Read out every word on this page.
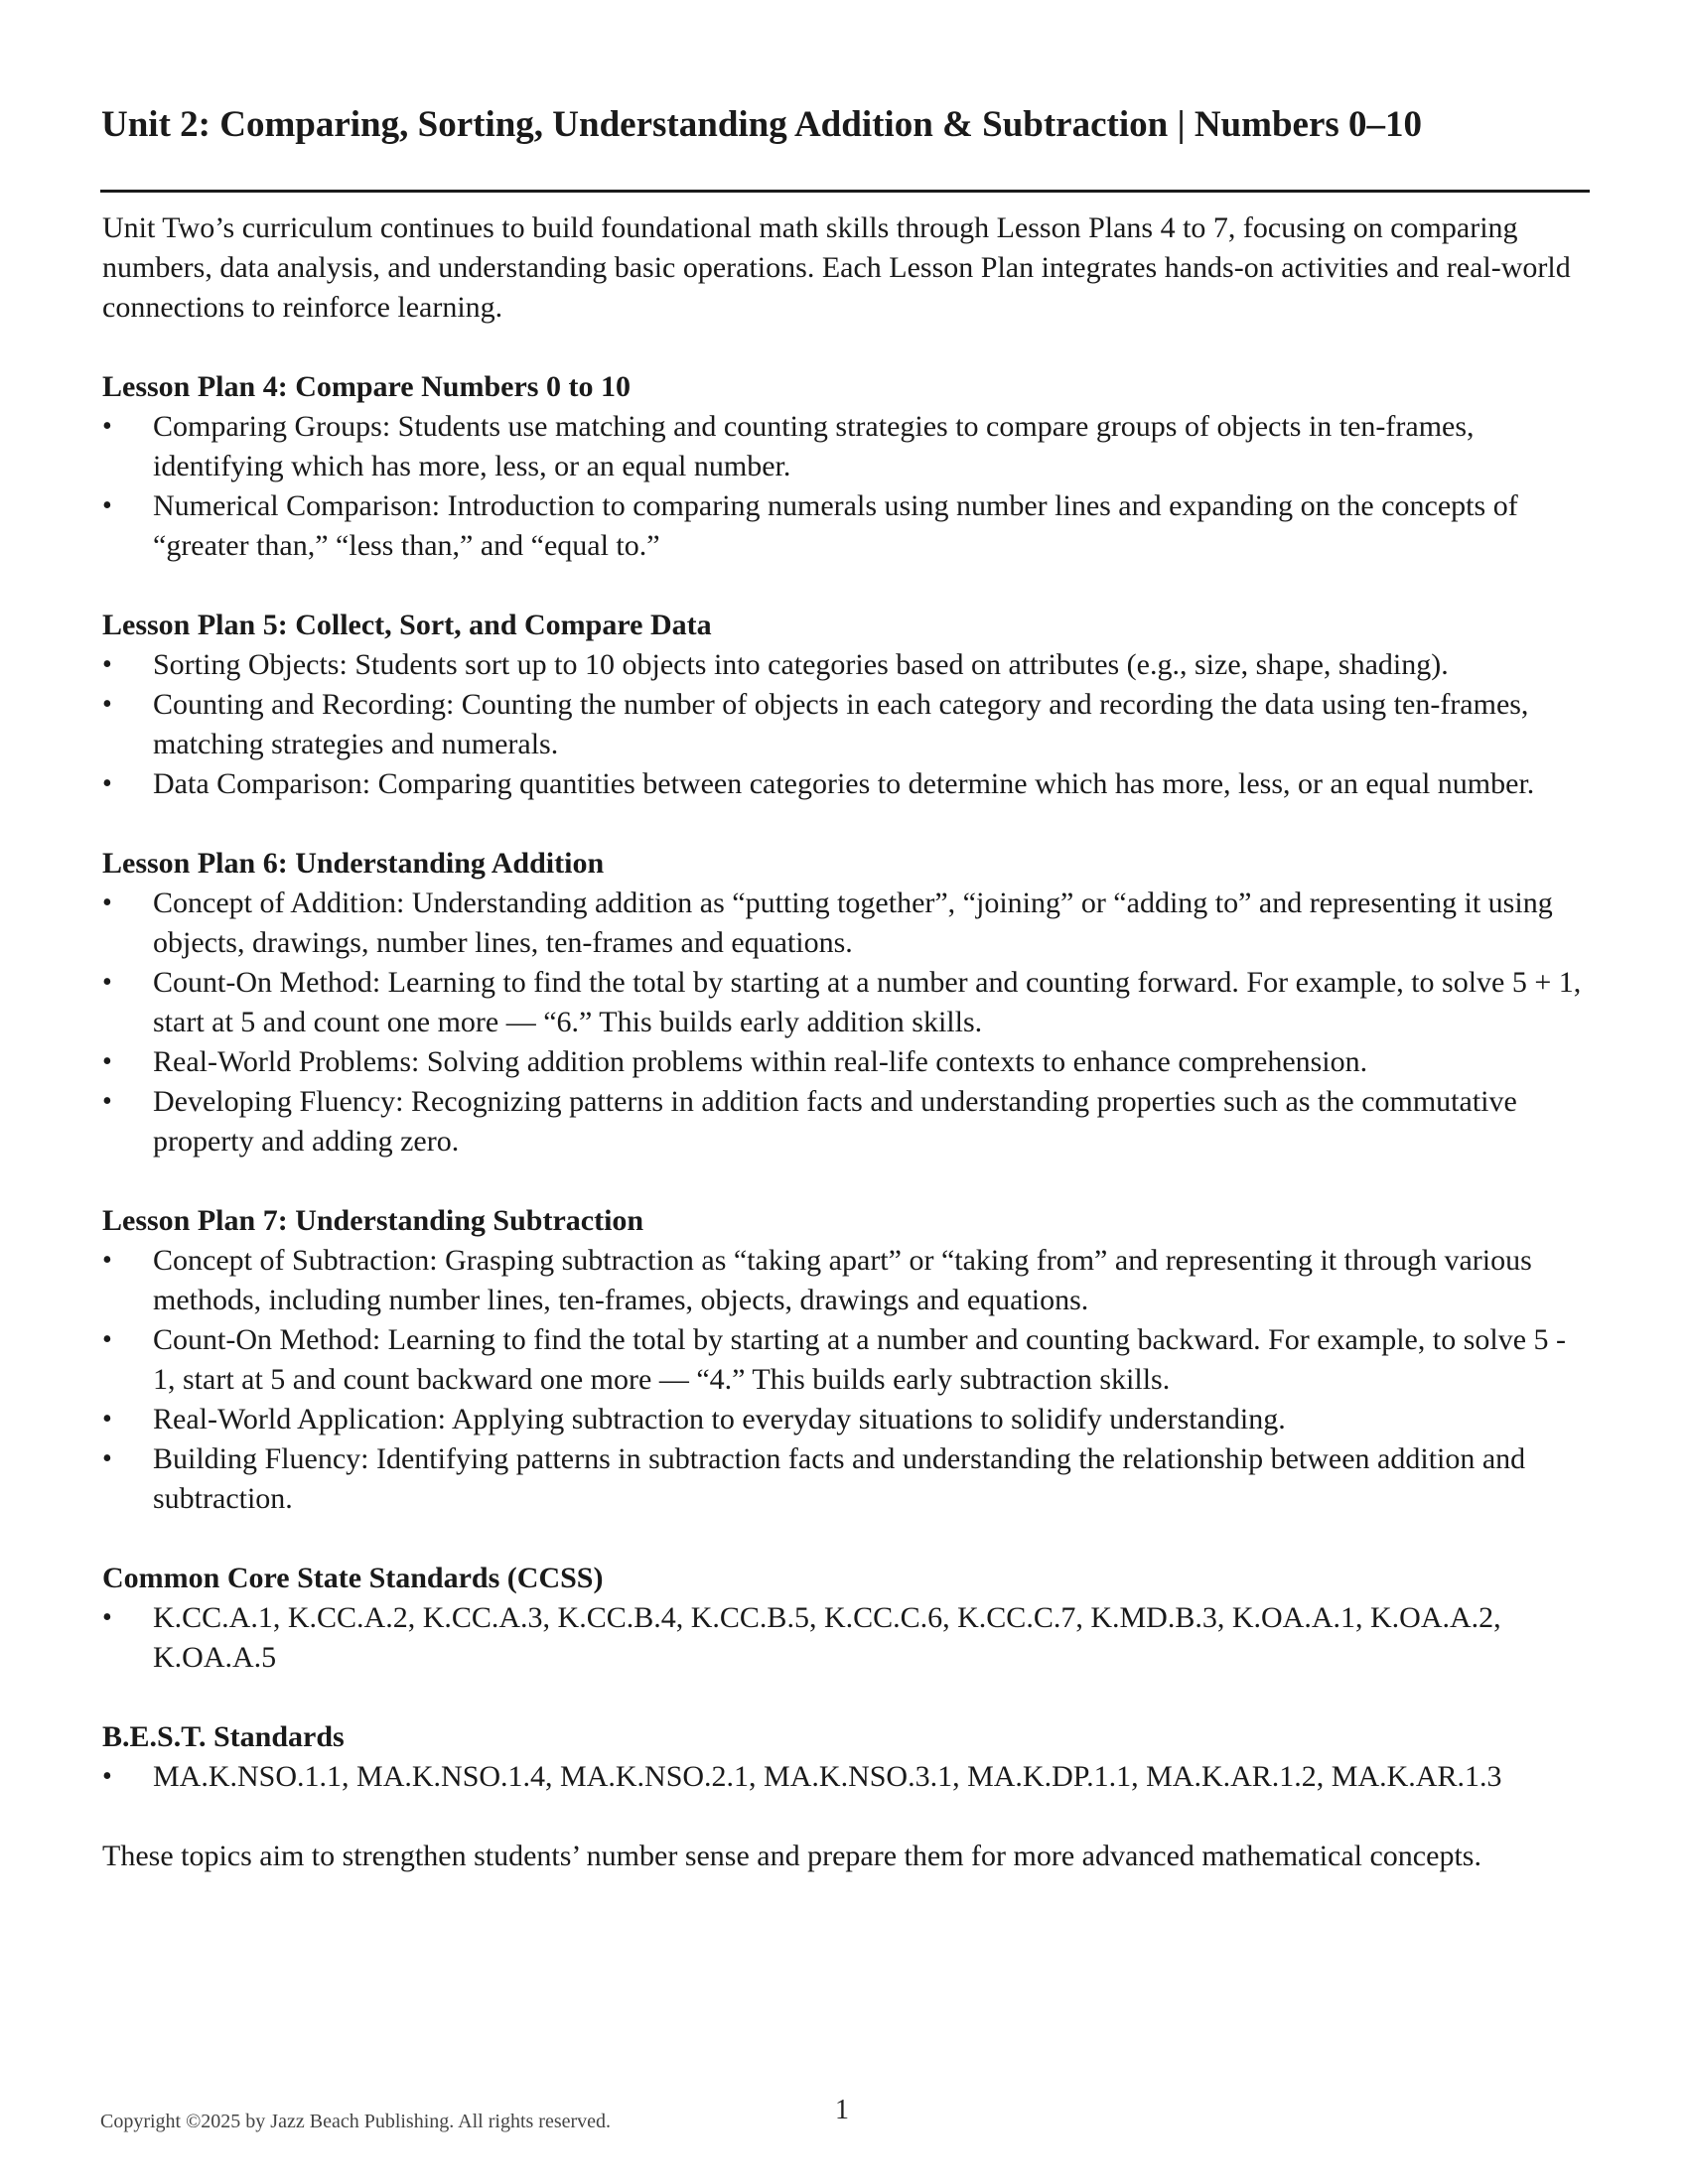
Unit 2: Comparing, Sorting, Understanding Addition & Subtraction | Numbers 0–10

Unit Two’s curriculum continues to build foundational math skills through Lesson Plans 4 to 7, focusing on comparing numbers, data analysis, and understanding basic operations. Each Lesson Plan integrates hands-on activities and real-world connections to reinforce learning.

Lesson Plan 4: Compare Numbers 0 to 10

• Comparing Groups: Students use matching and counting strategies to compare groups of objects in ten-frames, identifying which has more, less, or an equal number.
• Numerical Comparison: Introduction to comparing numerals using number lines and expanding on the concepts of “greater than,” “less than,” and “equal to.”

Lesson Plan 5: Collect, Sort, and Compare Data

• Sorting Objects: Students sort up to 10 objects into categories based on attributes (e.g., size, shape, shading).
• Counting and Recording: Counting the number of objects in each category and recording the data using ten-frames, matching strategies and numerals.
• Data Comparison: Comparing quantities between categories to determine which has more, less, or an equal number.

Lesson Plan 6: Understanding Addition

• Concept of Addition: Understanding addition as “putting together”, “joining” or “adding to” and representing it using objects, drawings, number lines, ten-frames and equations.
• Count-On Method: Learning to find the total by starting at a number and counting forward. For example, to solve 5 + 1, start at 5 and count one more — “6.” This builds early addition skills.
• Real-World Problems: Solving addition problems within real-life contexts to enhance comprehension.
• Developing Fluency: Recognizing patterns in addition facts and understanding properties such as the commutative property and adding zero.

Lesson Plan 7: Understanding Subtraction

• Concept of Subtraction: Grasping subtraction as “taking apart” or “taking from” and representing it through various methods, including number lines, ten-frames, objects, drawings and equations.
• Count-On Method: Learning to find the total by starting at a number and counting backward. For example, to solve 5 - 1, start at 5 and count backward one more — “4.” This builds early subtraction skills.
• Real-World Application: Applying subtraction to everyday situations to solidify understanding.
• Building Fluency: Identifying patterns in subtraction facts and understanding the relationship between addition and subtraction.

Common Core State Standards (CCSS)

• K.CC.A.1, K.CC.A.2, K.CC.A.3, K.CC.B.4, K.CC.B.5, K.CC.C.6, K.CC.C.7, K.MD.B.3, K.OA.A.1, K.OA.A.2, K.OA.A.5

B.E.S.T. Standards

• MA.K.NSO.1.1, MA.K.NSO.1.4, MA.K.NSO.2.1, MA.K.NSO.3.1, MA.K.DP.1.1, MA.K.AR.1.2, MA.K.AR.1.3

These topics aim to strengthen students’ number sense and prepare them for more advanced mathematical concepts.

Copyright ©2025 by Jazz Beach Publishing. All rights reserved.	1
